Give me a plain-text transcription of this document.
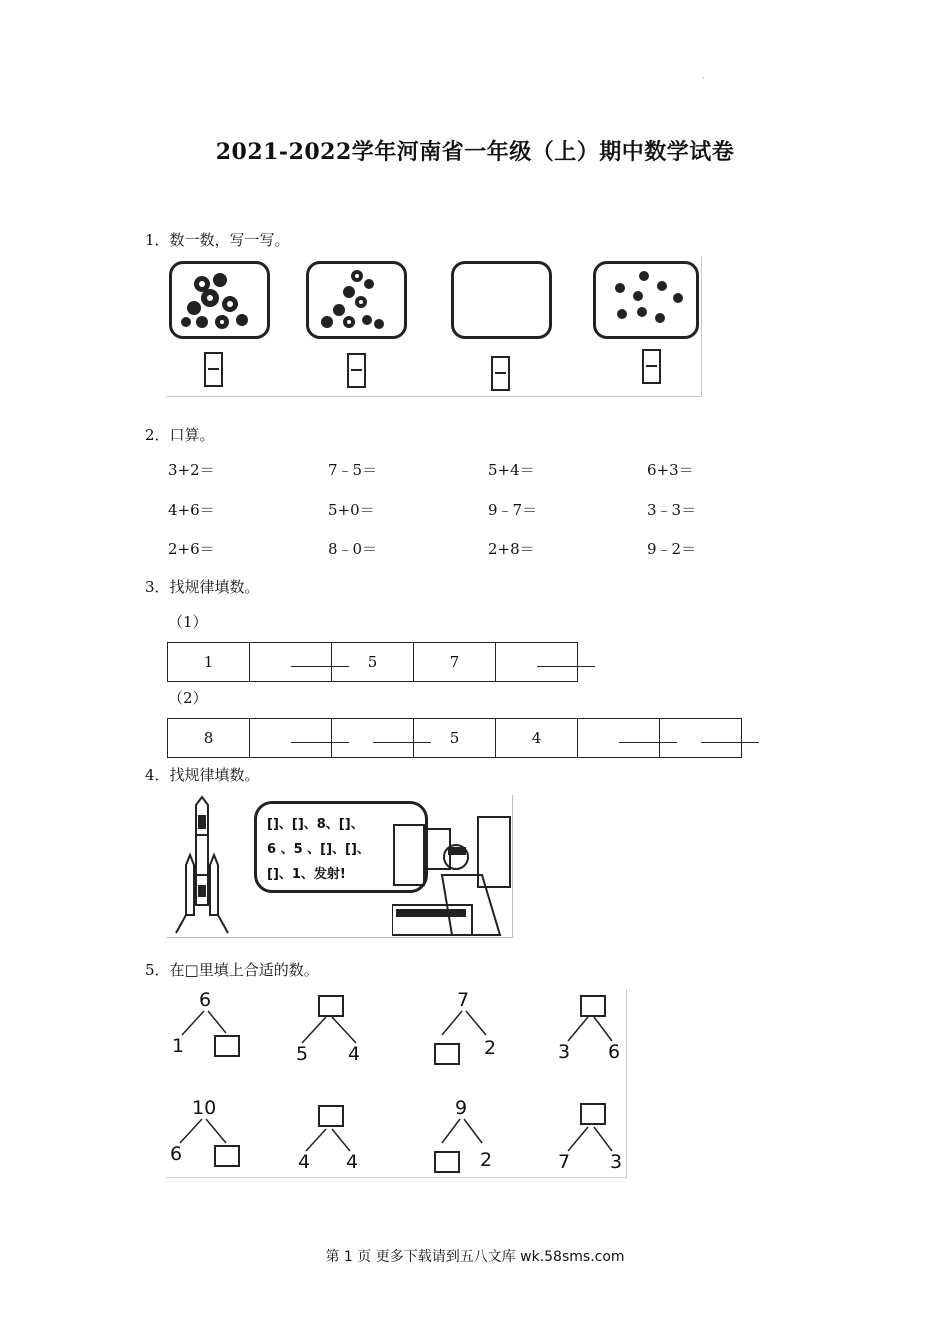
·
2021-2022学年河南省一年级（上）期中数学试卷
1．数一数，写一写。
2．口算。
3+2＝	7﹣5＝	5+4＝	6+3＝
4+6＝	5+0＝	9﹣7＝	3﹣3＝
2+6＝	8﹣0＝	2+8＝	9﹣2＝
3．找规律填数。
（1）
1		5	7	
（2）
8			5	4	

4．找规律填数。
[]、[]、8、[]、
6 、5 、[]、[]、
[]、1、发射!
5．在□里填上合适的数。
6
1	5 4
7
2	3 6
10
6	4 4
9
2	7 3
第 1 页 更多下载请到五八文库 wk.58sms.com
